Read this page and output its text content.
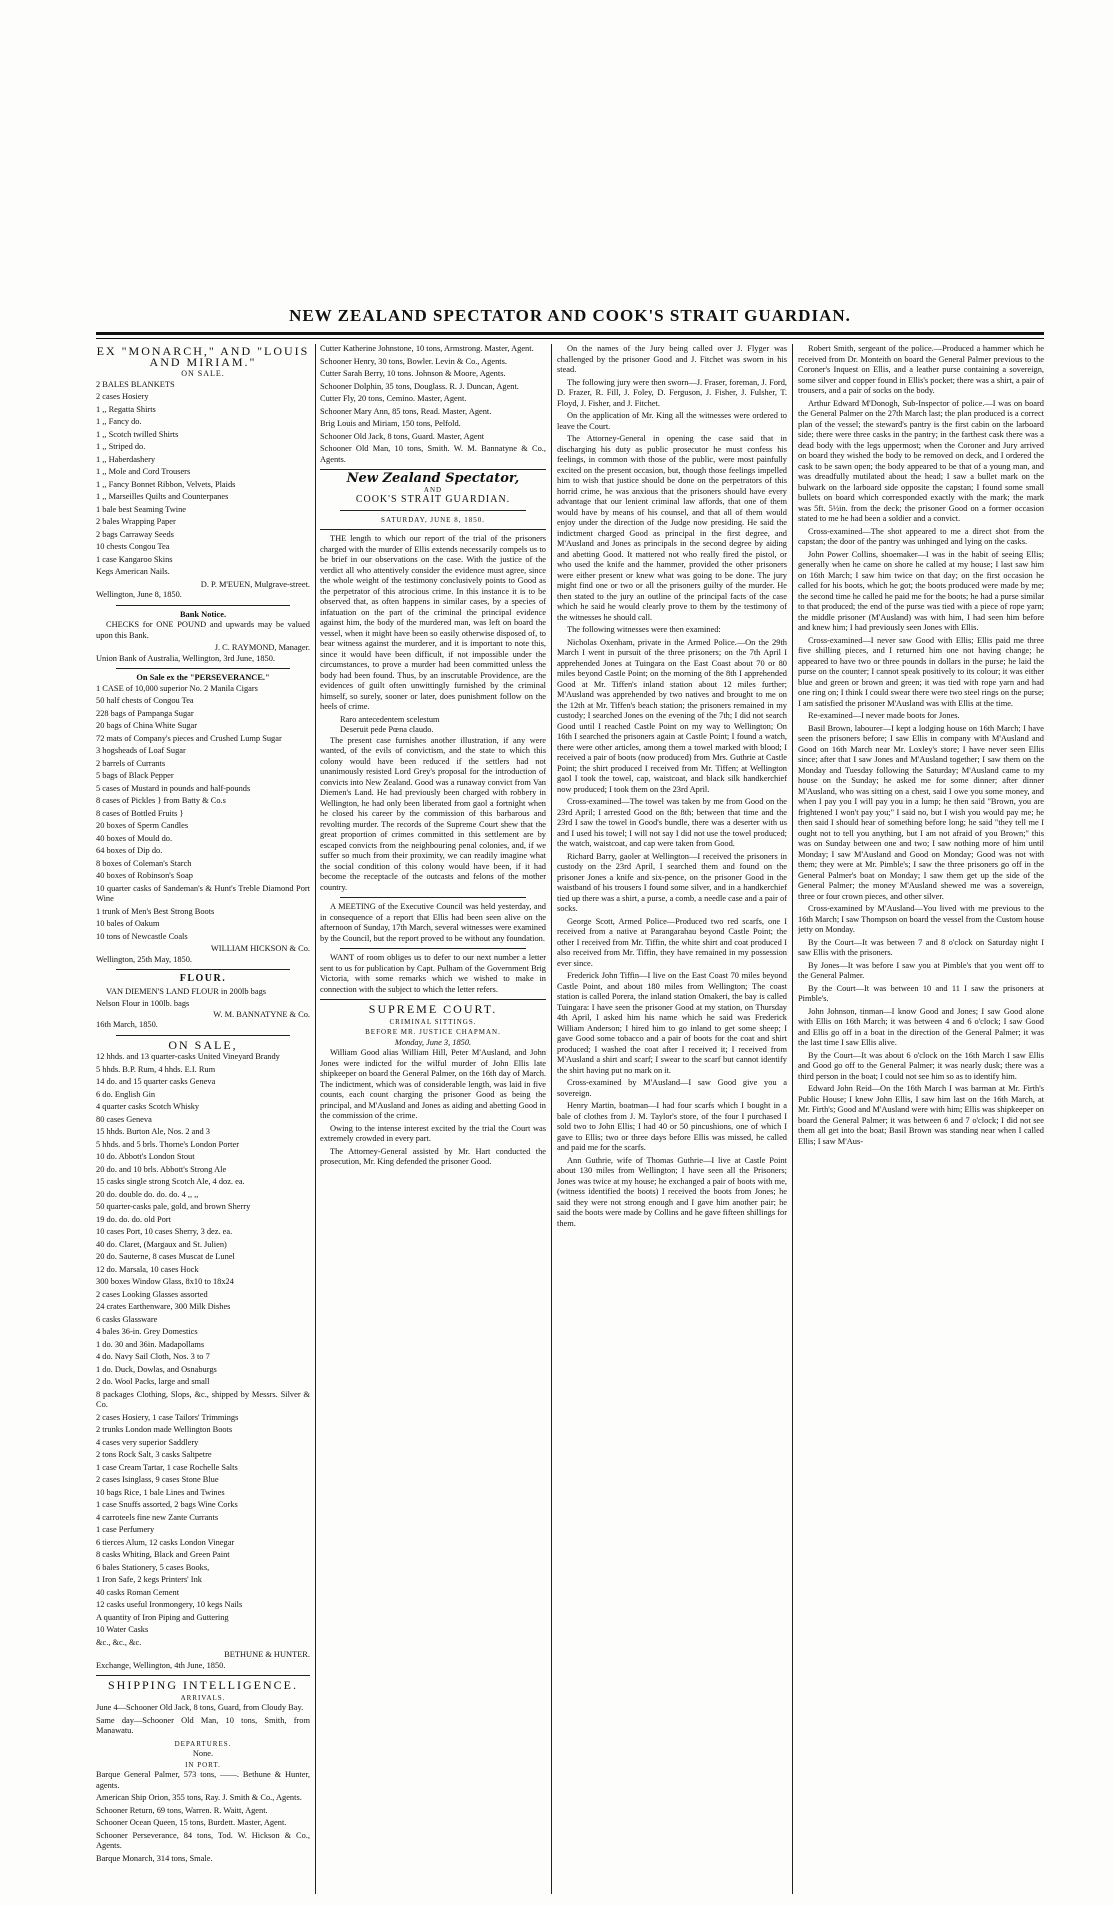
NEW ZEALAND SPECTATOR AND COOK'S STRAIT GUARDIAN.
EX "MONARCH," AND "LOUIS AND MIRIAM."
ON SALE.
2 BALES BLANKETS
2 cases Hosiery
1 ,, Regatta Shirts
1 ,, Fancy do.
1 ,, Scotch twilled Shirts
1 ,, Striped do.
1 ,, Haberdashery
1 ,, Mole and Cord Trousers
1 ,, Fancy Bonnet Ribbon, Velvets, Plaids
1 ,, Marseilles Quilts and Counterpanes
1 bale best Seaming Twine
2 bales Wrapping Paper
2 bags Carraway Seeds
10 chests Congou Tea
1 case Kangaroo Skins
Kegs American Nails.
D. P. M'EUEN, Mulgrave-street.
Wellington, June 8, 1850.
Bank Notice.
CHECKS for ONE POUND and upwards may be valued upon this Bank.
J. C. RAYMOND, Manager.
Union Bank of Australia, Wellington, 3rd June, 1850.
On Sale ex the "PERSEVERANCE."
1 CASE of 10,000 superior No. 2 Manila Cigars
50 half chests of Congou Tea
228 bags of Pampanga Sugar
20 bags of China White Sugar
72 mats of Company's pieces and Crushed Lump Sugar
3 hogsheads of Loaf Sugar
2 barrels of Currants
5 bags of Black Pepper
5 cases of Mustard in pounds and half-pounds
8 cases of Pickles } from Batty & Co.s
8 cases of Bottled Fruits }
20 boxes of Sperm Candles
40 boxes of Mould do.
64 boxes of Dip do.
8 boxes of Coleman's Starch
40 boxes of Robinson's Soap
10 quarter casks of Sandeman's & Hunt's Treble Diamond Port Wine
1 trunk of Men's Best Strong Boots
10 bales of Oakum
10 tons of Newcastle Coals
WILLIAM HICKSON & Co.
Wellington, 25th May, 1850.
FLOUR.
VAN DIEMEN'S LAND FLOUR in 200lb bags
Nelson Flour in 100lb. bags
W. M. BANNATYNE & Co.
16th March, 1850.
ON SALE,
12 hhds. and 13 quarter-casks United Vineyard Brandy
5 hhds. B.P. Rum, 4 hhds. E.I. Rum
14 do. and 15 quarter casks Geneva
6 do. English Gin
4 quarter casks Scotch Whisky
80 cases Geneva
15 hhds. Burton Ale, Nos. 2 and 3
5 hhds. and 5 brls. Thorne's London Porter
10 do. Abbott's London Stout
20 do. and 10 brls. Abbott's Strong Ale
15 casks single strong Scotch Ale, 4 doz. ea.
20 do. double do. do. do. 4 ,, ,,
50 quarter-casks pale, gold, and brown Sherry
19 do. do. do. old Port
10 cases Port, 10 cases Sherry, 3 dez. ea.
40 do. Claret, (Margaux and St. Julien)
20 do. Sauterne, 8 cases Muscat de Lunel
12 do. Marsala, 10 cases Hock
300 boxes Window Glass, 8x10 to 18x24
2 cases Looking Glasses assorted
24 crates Earthenware, 300 Milk Dishes
6 casks Glassware
4 bales 36-in. Grey Domestics
1 do. 30 and 36in. Madapollams
4 do. Navy Sail Cloth, Nos. 3 to 7
1 do. Duck, Dowlas, and Osnaburgs
2 do. Wool Packs, large and small
8 packages Clothing, Slops, &c., shipped by Messrs. Silver & Co.
2 cases Hosiery, 1 case Tailors' Trimmings
2 trunks London made Wellington Boots
4 cases very superior Saddlery
2 tons Rock Salt, 3 casks Saltpetre
1 case Cream Tartar, 1 case Rochelle Salts
2 cases Isinglass, 9 cases Stone Blue
10 bags Rice, 1 bale Lines and Twines
1 case Snuffs assorted, 2 bags Wine Corks
4 carroteels fine new Zante Currants
1 case Perfumery
6 tierces Alum, 12 casks London Vinegar
8 casks Whiting, Black and Green Paint
6 bales Stationery, 5 cases Books,
1 Iron Safe, 2 kegs Printers' Ink
40 casks Roman Cement
12 casks useful Ironmongery, 10 kegs Nails
A quantity of Iron Piping and Guttering
10 Water Casks
&c., &c., &c.
BETHUNE & HUNTER.
Exchange, Wellington, 4th June, 1850.
SHIPPING INTELLIGENCE.
ARRIVALS.
June 4—Schooner Old Jack, 8 tons, Guard, from Cloudy Bay.
Same day—Schooner Old Man, 10 tons, Smith, from Manawatu.
DEPARTURES.
None.
IN PORT.
Barque General Palmer, 573 tons, ——. Bethune & Hunter, agents.
American Ship Orion, 355 tons, Ray. J. Smith & Co., Agents.
Schooner Return, 69 tons, Warren. R. Waitt, Agent.
Schooner Ocean Queen, 15 tons, Burdett. Master, Agent.
Schooner Perseverance, 84 tons, Tod. W. Hickson & Co., Agents.
Barque Monarch, 314 tons, Smale.
Cutter Katherine Johnstone, 10 tons, Armstrong. Master, Agent.
Schooner Henry, 30 tons, Bowler. Levin & Co., Agents.
Cutter Sarah Berry, 10 tons. Johnson & Moore, Agents.
Schooner Dolphin, 35 tons, Douglass. R. J. Duncan, Agent.
Cutter Fly, 20 tons, Cemino. Master, Agent.
Schooner Mary Ann, 85 tons, Read. Master, Agent.
Brig Louis and Miriam, 150 tons, Pelfold.
Schooner Old Jack, 8 tons, Guard. Master, Agent
Schooner Old Man, 10 tons, Smith. W. M. Bannatyne & Co., Agents.
New Zealand Spectator,
AND
COOK'S STRAIT GUARDIAN.
SATURDAY, JUNE 8, 1850.
THE length to which our report of the trial of the prisoners charged with the murder of Ellis extends necessarily compels us to be brief in our observations on the case. With the justice of the verdict all who attentively consider the evidence must agree, since the whole weight of the testimony conclusively points to Good as the perpetrator of this atrocious crime. In this instance it is to be observed that, as often happens in similar cases, by a species of infatuation on the part of the criminal the principal evidence against him, the body of the murdered man, was left on board the vessel, when it might have been so easily otherwise disposed of, to bear witness against the murderer, and it is important to note this, since it would have been difficult, if not impossible under the circumstances, to prove a murder had been committed unless the body had been found. Thus, by an inscrutable Providence, are the evidences of guilt often unwittingly furnished by the criminal himself, so surely, sooner or later, does punishment follow on the heels of crime.
Raro antecedentem scelestum
Deseruit pede Pœna claudo.
The present case furnishes another illustration, if any were wanted, of the evils of convictism, and the state to which this colony would have been reduced if the settlers had not unanimously resisted Lord Grey's proposal for the introduction of convicts into New Zealand. Good was a runaway convict from Van Diemen's Land. He had previously been charged with robbery in Wellington, he had only been liberated from gaol a fortnight when he closed his career by the commission of this barbarous and revolting murder. The records of the Supreme Court shew that the great proportion of crimes committed in this settlement are by escaped convicts from the neighbouring penal colonies, and, if we suffer so much from their proximity, we can readily imagine what the social condition of this colony would have been, if it had become the receptacle of the outcasts and felons of the mother country.
A MEETING of the Executive Council was held yesterday, and in consequence of a report that Ellis had been seen alive on the afternoon of Sunday, 17th March, several witnesses were examined by the Council, but the report proved to be without any foundation.
WANT of room obliges us to defer to our next number a letter sent to us for publication by Capt. Pulham of the Government Brig Victoria, with some remarks which we wished to make in connection with the subject to which the letter refers.
SUPREME COURT.
CRIMINAL SITTINGS.
BEFORE MR. JUSTICE CHAPMAN.
Monday, June 3, 1850.
William Good alias William Hill, Peter M'Ausland, and John Jones were indicted for the wilful murder of John Ellis late shipkeeper on board the General Palmer, on the 16th day of March. The indictment, which was of considerable length, was laid in five counts, each count charging the prisoner Good as being the principal, and M'Ausland and Jones as aiding and abetting Good in the commission of the crime.
Owing to the intense interest excited by the trial the Court was extremely crowded in every part.
The Attorney-General assisted by Mr. Hart conducted the prosecution, Mr. King defended the prisoner Good.
On the names of the Jury being called over J. Flyger was challenged by the prisoner Good and J. Fitchet was sworn in his stead.
The following jury were then sworn—J. Fraser, foreman, J. Ford, D. Frazer, R. Fill, J. Foley, D. Ferguson, J. Fisher, J. Fulsher, T. Floyd, J. Fisher, and J. Fitchet.
On the application of Mr. King all the witnesses were ordered to leave the Court.
The Attorney-General in opening the case said that in discharging his duty as public prosecutor he must confess his feelings, in common with those of the public, were most painfully excited on the present occasion, but, though those feelings impelled him to wish that justice should be done on the perpetrators of this horrid crime, he was anxious that the prisoners should have every advantage that our lenient criminal law affords, that one of them would have by means of his counsel, and that all of them would enjoy under the direction of the Judge now presiding. He said the indictment charged Good as principal in the first degree, and M'Ausland and Jones as principals in the second degree by aiding and abetting Good. It mattered not who really fired the pistol, or who used the knife and the hammer, provided the other prisoners were either present or knew what was going to be done. The jury might find one or two or all the prisoners guilty of the murder. He then stated to the jury an outline of the principal facts of the case which he said he would clearly prove to them by the testimony of the witnesses he should call.
The following witnesses were then examined:
Nicholas Oxenham, private in the Armed Police.—On the 29th March I went in pursuit of the three prisoners; on the 7th April I apprehended Jones at Tuingara on the East Coast about 70 or 80 miles beyond Castle Point; on the morning of the 8th I apprehended Good at Mr. Tiffen's inland station about 12 miles further; M'Ausland was apprehended by two natives and brought to me on the 12th at Mr. Tiffen's beach station; the prisoners remained in my custody; I searched Jones on the evening of the 7th; I did not search Good until I reached Castle Point on my way to Wellington; On 16th I searched the prisoners again at Castle Point; I found a watch, there were other articles, among them a towel marked with blood; I received a pair of boots (now produced) from Mrs. Guthrie at Castle Point; the shirt produced I received from Mr. Tiffen; at Wellington gaol I took the towel, cap, waistcoat, and black silk handkerchief now produced; I took them on the 23rd April.
Cross-examined—The towel was taken by me from Good on the 23rd April; I arrested Good on the 8th; between that time and the 23rd I saw the towel in Good's bundle, there was a deserter with us and I used his towel; I will not say I did not use the towel produced; the watch, waistcoat, and cap were taken from Good.
Richard Barry, gaoler at Wellington—I received the prisoners in custody on the 23rd April, I searched them and found on the prisoner Jones a knife and six-pence, on the prisoner Good in the waistband of his trousers I found some silver, and in a handkerchief tied up there was a shirt, a purse, a comb, a needle case and a pair of socks.
George Scott, Armed Police—Produced two red scarfs, one I received from a native at Parangarahau beyond Castle Point; the other I received from Mr. Tiffin, the white shirt and coat produced I also received from Mr. Tiffin, they have remained in my possession ever since.
Frederick John Tiffin—I live on the East Coast 70 miles beyond Castle Point, and about 180 miles from Wellington; The coast station is called Porera, the inland station Omakeri, the bay is called Tuingara: I have seen the prisoner Good at my station, on Thursday 4th April, I asked him his name which he said was Frederick William Anderson; I hired him to go inland to get some sheep; I gave Good some tobacco and a pair of boots for the coat and shirt produced; I washed the coat after I received it; I received from M'Ausland a shirt and scarf; I swear to the scarf but cannot identify the shirt having put no mark on it.
Cross-examined by M'Ausland—I saw Good give you a sovereign.
Henry Martin, boatman—I had four scarfs which I bought in a bale of clothes from J. M. Taylor's store, of the four I purchased I sold two to John Ellis; I had 40 or 50 pincushions, one of which I gave to Ellis; two or three days before Ellis was missed, he called and paid me for the scarfs.
Ann Guthrie, wife of Thomas Guthrie—I live at Castle Point about 130 miles from Wellington; I have seen all the Prisoners; Jones was twice at my house; he exchanged a pair of boots with me, (witness identified the boots) I received the boots from Jones; he said they were not strong enough and I gave him another pair; he said the boots were made by Collins and he gave fifteen shillings for them.
Robert Smith, sergeant of the police.—Produced a hammer which he received from Dr. Monteith on board the General Palmer previous to the Coroner's Inquest on Ellis, and a leather purse containing a sovereign, some silver and copper found in Ellis's pocket; there was a shirt, a pair of trousers, and a pair of socks on the body.
Arthur Edward M'Donogh, Sub-Inspector of police.—I was on board the General Palmer on the 27th March last; the plan produced is a correct plan of the vessel; the steward's pantry is the first cabin on the larboard side; there were three casks in the pantry; in the farthest cask there was a dead body with the legs uppermost; when the Coroner and Jury arrived on board they wished the body to be removed on deck, and I ordered the cask to be sawn open; the body appeared to be that of a young man, and was dreadfully mutilated about the head; I saw a bullet mark on the bulwark on the larboard side opposite the capstan; I found some small bullets on board which corresponded exactly with the mark; the mark was 5ft. 5½in. from the deck; the prisoner Good on a former occasion stated to me he had been a soldier and a convict.
Cross-examined—The shot appeared to me a direct shot from the capstan; the door of the pantry was unhinged and lying on the casks.
John Power Collins, shoemaker—I was in the habit of seeing Ellis; generally when he came on shore he called at my house; I last saw him on 16th March; I saw him twice on that day; on the first occasion he called for his boots, which he got; the boots produced were made by me; the second time he called he paid me for the boots; he had a purse similar to that produced; the end of the purse was tied with a piece of rope yarn; the middle prisoner (M'Ausland) was with him, I had seen him before and knew him; I had previously seen Jones with Ellis.
Cross-examined—I never saw Good with Ellis; Ellis paid me three five shilling pieces, and I returned him one not having change; he appeared to have two or three pounds in dollars in the purse; he laid the purse on the counter; I cannot speak positively to its colour; it was either blue and green or brown and green; it was tied with rope yarn and had one ring on; I think I could swear there were two steel rings on the purse; I am satisfied the prisoner M'Ausland was with Ellis at the time.
Re-examined—I never made boots for Jones.
Basil Brown, labourer—I kept a lodging house on 16th March; I have seen the prisoners before; I saw Ellis in company with M'Ausland and Good on 16th March near Mr. Loxley's store; I have never seen Ellis since; after that I saw Jones and M'Ausland together; I saw them on the Monday and Tuesday following the Saturday; M'Ausland came to my house on the Sunday; he asked me for some dinner; after dinner M'Ausland, who was sitting on a chest, said I owe you some money, and when I pay you I will pay you in a lump; he then said "Brown, you are frightened I won't pay you;" I said no, but I wish you would pay me; he then said I should hear of something before long; he said "they tell me I ought not to tell you anything, but I am not afraid of you Brown;" this was on Sunday between one and two; I saw nothing more of him until Monday; I saw M'Ausland and Good on Monday; Good was not with them; they were at Mr. Pimble's; I saw the three prisoners go off in the General Palmer's boat on Monday; I saw them get up the side of the General Palmer; the money M'Ausland shewed me was a sovereign, three or four crown pieces, and other silver.
Cross-examined by M'Ausland—You lived with me previous to the 16th March; I saw Thompson on board the vessel from the Custom house jetty on Monday.
By the Court—It was between 7 and 8 o'clock on Saturday night I saw Ellis with the prisoners.
By Jones—It was before I saw you at Pimble's that you went off to the General Palmer.
By the Court—It was between 10 and 11 I saw the prisoners at Pimble's.
John Johnson, tinman—I know Good and Jones; I saw Good alone with Ellis on 16th March; it was between 4 and 6 o'clock; I saw Good and Ellis go off in a boat in the direction of the General Palmer; it was the last time I saw Ellis alive.
By the Court—It was about 6 o'clock on the 16th March I saw Ellis and Good go off to the General Palmer; it was nearly dusk; there was a third person in the boat; I could not see him so as to identify him.
Edward John Reid—On the 16th March I was barman at Mr. Firth's Public House; I knew John Ellis, I saw him last on the 16th March, at Mr. Firth's; Good and M'Ausland were with him; Ellis was shipkeeper on board the General Palmer; it was between 6 and 7 o'clock; I did not see them all get into the boat; Basil Brown was standing near when I called Ellis; I saw M'Aus-
